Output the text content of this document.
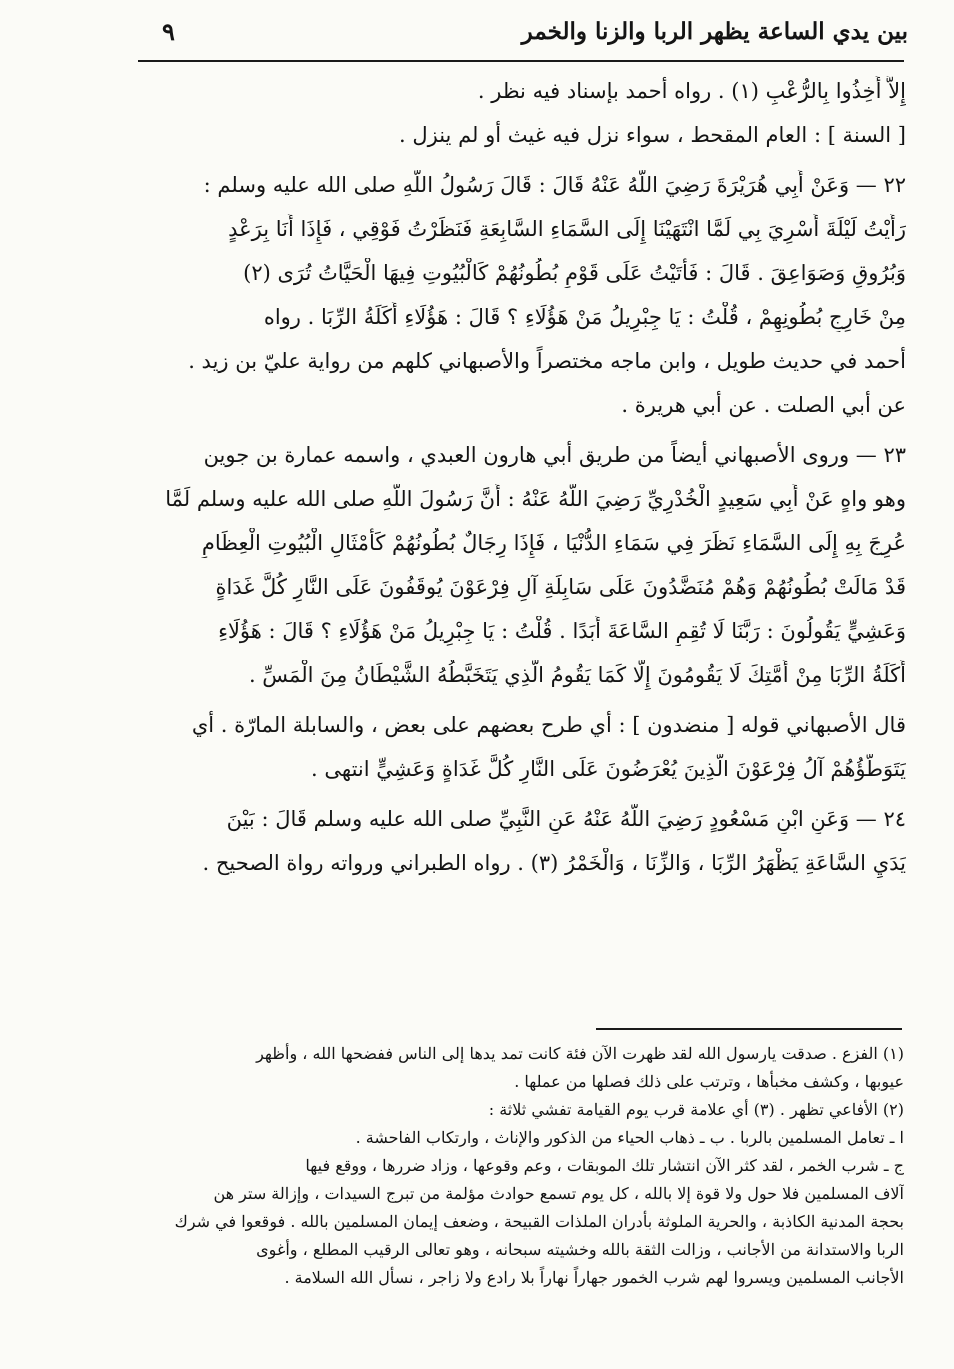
٩	بين يدي الساعة يظهر الربا والزنا والخمر
إِلاَّ أُخِذُوا بِالرُّعْبِ (١) . رواه أحمد بإسناد فيه نظر .
[ السنة ] : العام المقحط ، سواء نزل فيه غيث أو لم ينزل .
٢٢ — وَعَنْ أَبِي هُرَيْرَةَ رَضِيَ اللَّهُ عَنْهُ قَالَ : قَالَ رَسُولُ اللَّهِ صلى الله عليه وسلم :
رَأَيْتُ لَيْلَةَ أُسْرِيَ بِي لَمَّا انْتَهَيْنَا إِلَى السَّمَاءِ السَّابِعَةِ فَنَظَرْتُ فَوْقِي ، فَإِذَا أَنَا بِرَعْدٍ
وَبُرُوقٍ وَصَوَاعِقَ . قَالَ : فَأَتَيْتُ عَلَى قَوْمٍ بُطُونُهُمْ كَالْبُيُوتِ فِيهَا الْحَيَّاتُ تُرَى (٢)
مِنْ خَارِجِ بُطُونِهِمْ ، قُلْتُ : يَا جِبْرِيلُ مَنْ هَؤُلَاءِ ؟ قَالَ : هَؤُلَاءِ أَكَلَةُ الرِّبَا . رواه
أحمد في حديث طويل ، وابن ماجه مختصراً والأصبهاني كلهم من رواية عليّ بن زيد .
عن أبي الصلت . عن أبي هريرة .
٢٣ — وروى الأصبهاني أيضاً من طريق أبي هارون العبدي ، واسمه عمارة بن جوين
وهو واهٍ عَنْ أَبِي سَعِيدٍ الْخُدْرِيِّ رَضِيَ اللَّهُ عَنْهُ : أَنَّ رَسُولَ اللَّهِ صلى الله عليه وسلم لَمَّا
عُرِجَ بِهِ إِلَى السَّمَاءِ نَظَرَ فِي سَمَاءِ الدُّنْيَا ، فَإِذَا رِجَالٌ بُطُونُهُمْ كَأَمْثَالِ الْبُيُوتِ الْعِظَامِ
قَدْ مَالَتْ بُطُونُهُمْ وَهُمْ مُنَضَّدُونَ عَلَى سَابِلَةِ آلِ فِرْعَوْنَ يُوقَفُونَ عَلَى النَّارِ كُلَّ غَدَاةٍ
وَعَشِيٍّ يَقُولُونَ : رَبَّنَا لَا تُقِمِ السَّاعَةَ أَبَدًا . قُلْتُ : يَا جِبْرِيلُ مَنْ هَؤُلَاءِ ؟ قَالَ : هَؤُلَاءِ
أَكَلَةُ الرِّبَا مِنْ أُمَّتِكَ لَا يَقُومُونَ إِلَّا كَمَا يَقُومُ الَّذِي يَتَخَبَّطُهُ الشَّيْطَانُ مِنَ الْمَسِّ .
قال الأصبهاني قوله [ منضدون ] : أي طرح بعضهم على بعض ، والسابلة المارّة . أي
يَتَوَطَّؤُهُمْ آلُ فِرْعَوْنَ الَّذِينَ يُعْرَضُونَ عَلَى النَّارِ كُلَّ غَدَاةٍ وَعَشِيٍّ انتهى .
٢٤ — وَعَنِ ابْنِ مَسْعُودٍ رَضِيَ اللَّهُ عَنْهُ عَنِ النَّبِيِّ صلى الله عليه وسلم قَالَ : بَيْنَ
يَدَيِ السَّاعَةِ يَظْهَرُ الرِّبَا ، وَالزِّنَا ، وَالْخَمْرُ (٣) . رواه الطبراني ورواته رواة الصحيح .
(١) الفزع . صدقت يارسول الله لقد ظهرت الآن فئة كانت تمد يدها إلى الناس ففضحها الله ، وأظهر
عيوبها ، وكشف مخبأها ، وترتب على ذلك فصلها من عملها .
(٢) الأفاعي تظهر . (٣) أي علامة قرب يوم القيامة تفشي ثلاثة :
ا ـ تعامل المسلمين بالربا . ب ـ ذهاب الحياء من الذكور والإناث ، وارتكاب الفاحشة .
ج ـ شرب الخمر ، لقد كثر الآن انتشار تلك الموبقات ، وعم وقوعها ، وزاد ضررها ، ووقع فيها
آلاف المسلمين فلا حول ولا قوة إلا بالله ، كل يوم تسمع حوادث مؤلمة من تبرج السيدات ، وإزالة ستر هن
بحجة المدنية الكاذبة ، والحرية الملوثة بأدران الملذات القبيحة ، وضعف إيمان المسلمين بالله . فوقعوا في شرك
الربا والاستدانة من الأجانب ، وزالت الثقة بالله وخشيته سبحانه ، وهو تعالى الرقيب المطلع ، وأغوى
الأجانب المسلمين ويسروا لهم شرب الخمور جهاراً نهاراً بلا رادع ولا زاجر ، نسأل الله السلامة .
